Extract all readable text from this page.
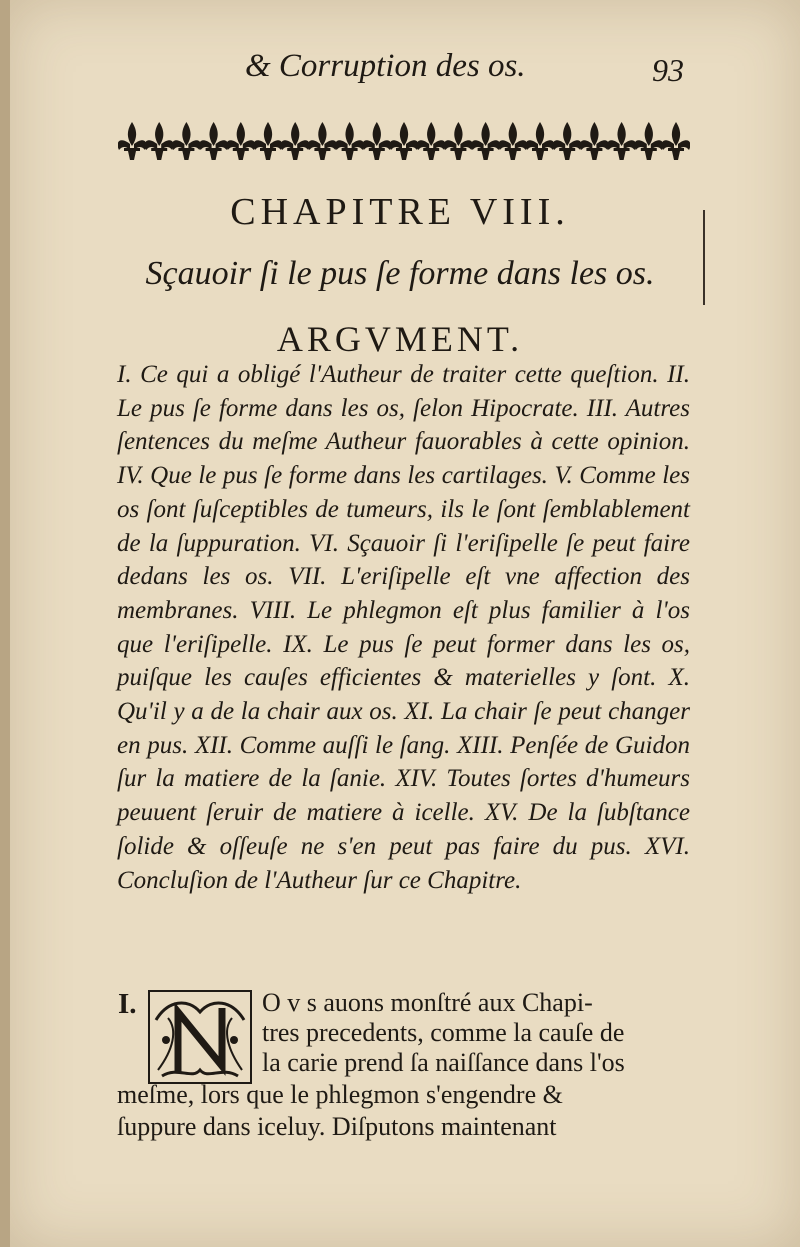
& Corruption des os.	93
CHAPITRE VIII.
Sçauoir ſi le pus ſe forme dans les os.
ARGVMENT.

I. Ce qui a obligé l'Autheur de traiter cette queſtion. II. Le pus ſe forme dans les os, ſelon Hipocrate. III. Autres ſentences du meſme Autheur fauorables à cette opinion. IV. Que le pus ſe forme dans les cartilages. V. Comme les os ſont ſuſceptibles de tumeurs, ils le ſont ſemblablement de la ſuppuration. VI. Sçauoir ſi l'eriſipelle ſe peut faire dedans les os. VII. L'eriſipelle eſt vne affection des membranes. VIII. Le phlegmon eſt plus familier à l'os que l'eriſipelle. IX. Le pus ſe peut former dans les os, puiſque les cauſes efficientes & materielles y ſont. X. Qu'il y a de la chair aux os. XI. La chair ſe peut changer en pus. XII. Comme auſſi le ſang. XIII. Penſée de Guidon ſur la matiere de la ſanie. XIV. Toutes ſortes d'humeurs peuuent ſeruir de matiere à icelle. XV. De la ſubſtance ſolide & oſſeuſe ne s'en peut pas faire du pus. XVI. Concluſion de l'Autheur ſur ce Chapitre.

I.	O v s auons monſtré aux Chapi-
tres precedents, comme la cauſe de
la carie prend ſa naiſſance dans l'os
meſme, lors que le phlegmon s'engendre &
ſuppure dans iceluy. Diſputons maintenant
